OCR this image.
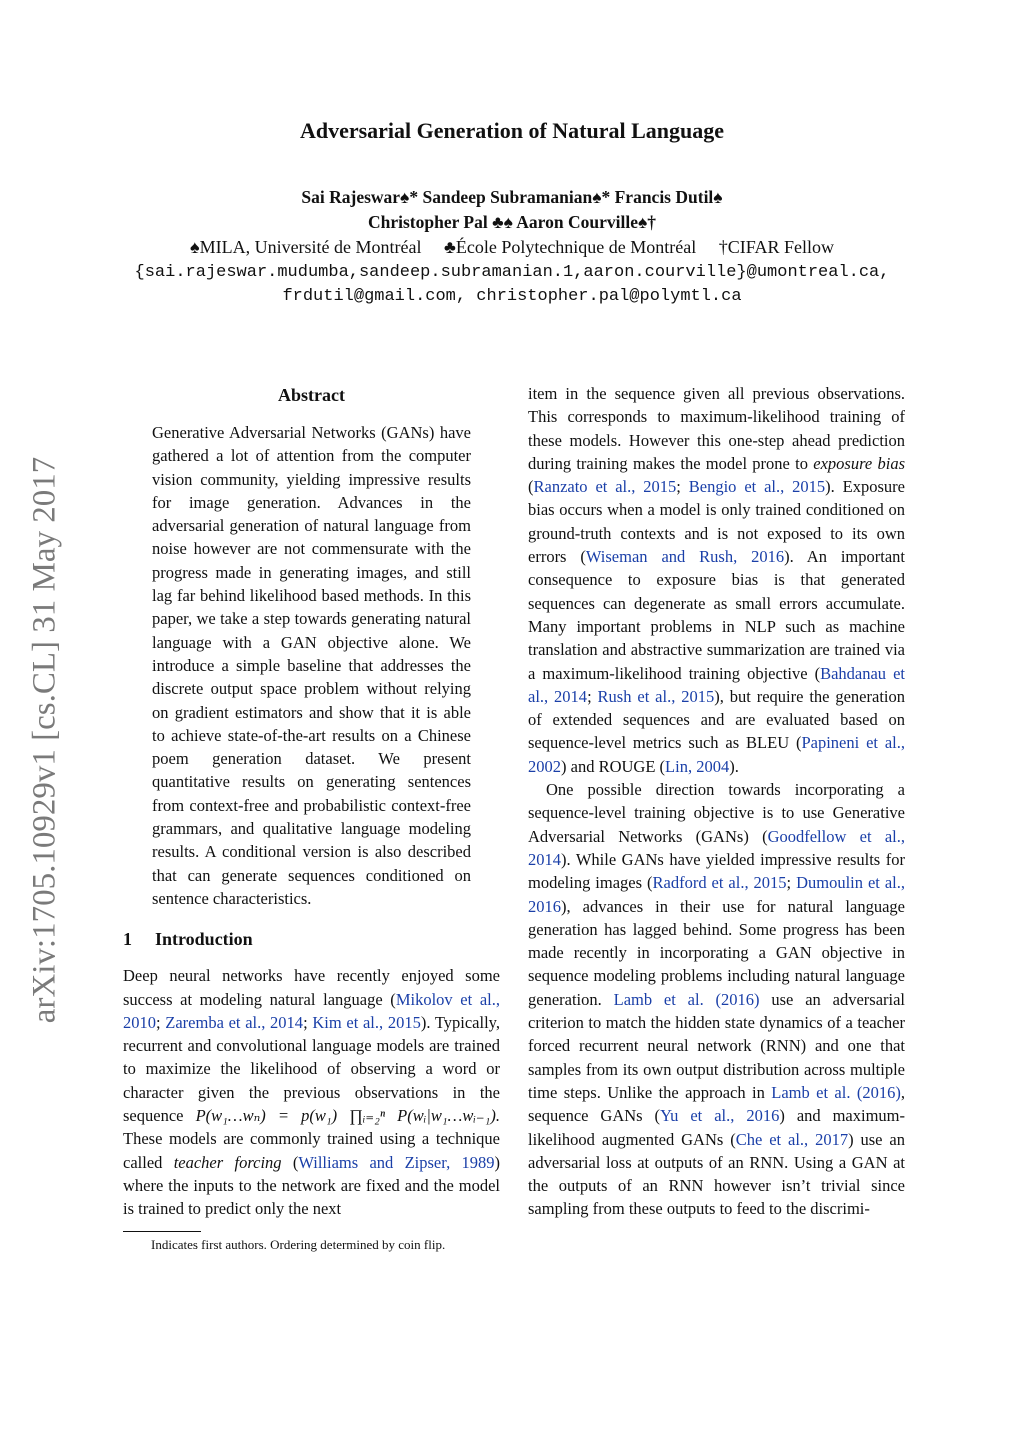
Adversarial Generation of Natural Language
Sai Rajeswar♠* Sandeep Subramanian♠* Francis Dutil♠
Christopher Pal ♣♠ Aaron Courville♠†
♠MILA, Université de Montréal ♣École Polytechnique de Montréal †CIFAR Fellow
{sai.rajeswar.mudumba,sandeep.subramanian.1,aaron.courville}@umontreal.ca,
frdutil@gmail.com, christopher.pal@polymtl.ca
arXiv:1705.10929v1 [cs.CL] 31 May 2017
Abstract

Generative Adversarial Networks (GANs) have gathered a lot of attention from the computer vision community, yielding impressive results for image generation. Advances in the adversarial generation of natural language from noise however are not commensurate with the progress made in generating images, and still lag far behind likelihood based methods. In this paper, we take a step towards generating natural language with a GAN objective alone. We introduce a simple baseline that addresses the discrete output space problem without relying on gradient estimators and show that it is able to achieve state-of-the-art results on a Chinese poem generation dataset. We present quantitative results on generating sentences from context-free and probabilistic context-free grammars, and qualitative language modeling results. A conditional version is also described that can generate sequences conditioned on sentence characteristics.

1 Introduction

Deep neural networks have recently enjoyed some success at modeling natural language (Mikolov et al., 2010; Zaremba et al., 2014; Kim et al., 2015). Typically, recurrent and convolutional language models are trained to maximize the likelihood of observing a word or character given the previous observations in the sequence P(w₁…wₙ) = p(w₁) ∏ᵢ₌₂ⁿ P(wᵢ|w₁…wᵢ₋₁). These models are commonly trained using a technique called teacher forcing (Williams and Zipser, 1989) where the inputs to the network are fixed and the model is trained to predict only the next

Indicates first authors. Ordering determined by coin flip.

item in the sequence given all previous observations. This corresponds to maximum-likelihood training of these models. However this one-step ahead prediction during training makes the model prone to exposure bias (Ranzato et al., 2015; Bengio et al., 2015). Exposure bias occurs when a model is only trained conditioned on ground-truth contexts and is not exposed to its own errors (Wiseman and Rush, 2016). An important consequence to exposure bias is that generated sequences can degenerate as small errors accumulate. Many important problems in NLP such as machine translation and abstractive summarization are trained via a maximum-likelihood training objective (Bahdanau et al., 2014; Rush et al., 2015), but require the generation of extended sequences and are evaluated based on sequence-level metrics such as BLEU (Papineni et al., 2002) and ROUGE (Lin, 2004).

One possible direction towards incorporating a sequence-level training objective is to use Generative Adversarial Networks (GANs) (Goodfellow et al., 2014). While GANs have yielded impressive results for modeling images (Radford et al., 2015; Dumoulin et al., 2016), advances in their use for natural language generation has lagged behind. Some progress has been made recently in incorporating a GAN objective in sequence modeling problems including natural language generation. Lamb et al. (2016) use an adversarial criterion to match the hidden state dynamics of a teacher forced recurrent neural network (RNN) and one that samples from its own output distribution across multiple time steps. Unlike the approach in Lamb et al. (2016), sequence GANs (Yu et al., 2016) and maximum-likelihood augmented GANs (Che et al., 2017) use an adversarial loss at outputs of an RNN. Using a GAN at the outputs of an RNN however isn’t trivial since sampling from these outputs to feed to the discrimi-
